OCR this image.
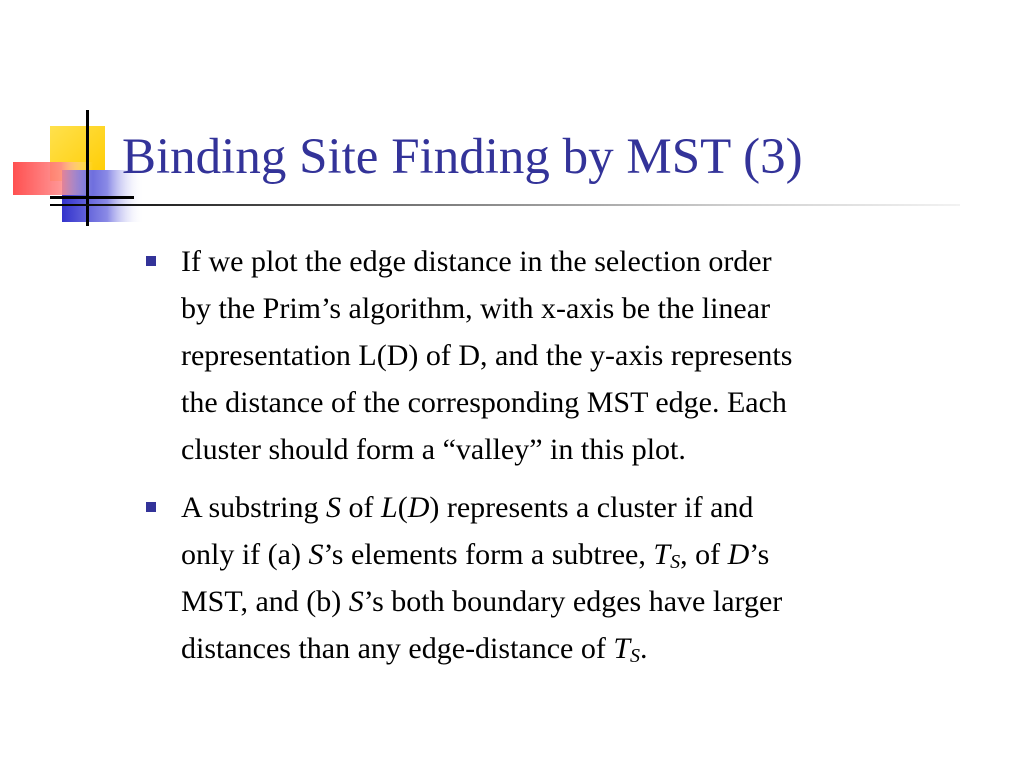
Binding Site Finding by MST (3)
If we plot the edge distance in the selection order
by the Prim’s algorithm, with x-axis be the linear
representation L(D) of D, and the y-axis represents
the distance of the corresponding MST edge. Each
cluster should form a “valley” in this plot.
A substring S of L(D) represents a cluster if and
only if (a) S’s elements form a subtree, $T_S$, of D’s
MST, and (b) S’s both boundary edges have larger
distances than any edge-distance of $T_S$.
